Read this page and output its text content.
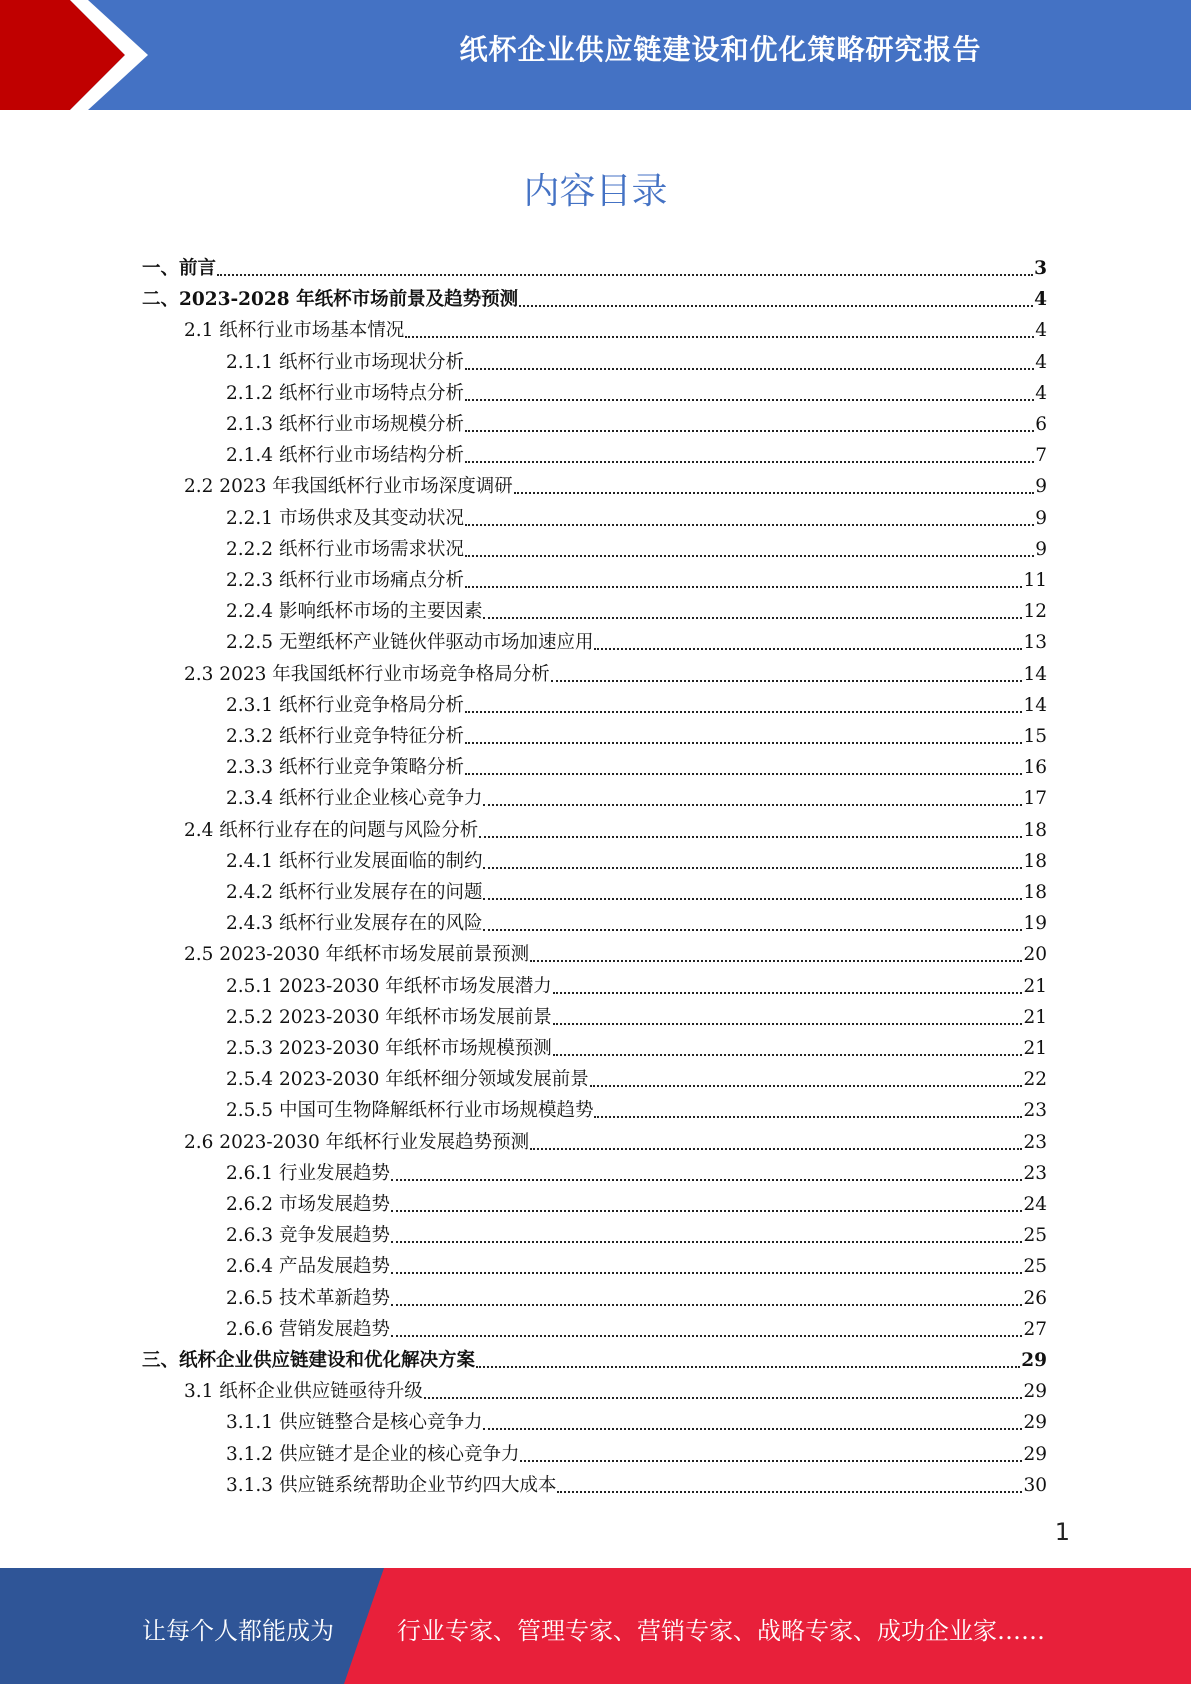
纸杯企业供应链建设和优化策略研究报告
内容目录
一、前言	3
二、2023-2028 年纸杯市场前景及趋势预测	4
2.1 纸杯行业市场基本情况	4
2.1.1 纸杯行业市场现状分析	4
2.1.2 纸杯行业市场特点分析	4
2.1.3 纸杯行业市场规模分析	6
2.1.4 纸杯行业市场结构分析	7
2.2 2023 年我国纸杯行业市场深度调研	9
2.2.1 市场供求及其变动状况	9
2.2.2 纸杯行业市场需求状况	9
2.2.3 纸杯行业市场痛点分析	11
2.2.4 影响纸杯市场的主要因素	12
2.2.5 无塑纸杯产业链伙伴驱动市场加速应用	13
2.3 2023 年我国纸杯行业市场竞争格局分析	14
2.3.1 纸杯行业竞争格局分析	14
2.3.2 纸杯行业竞争特征分析	15
2.3.3 纸杯行业竞争策略分析	16
2.3.4 纸杯行业企业核心竞争力	17
2.4 纸杯行业存在的问题与风险分析	18
2.4.1 纸杯行业发展面临的制约	18
2.4.2 纸杯行业发展存在的问题	18
2.4.3 纸杯行业发展存在的风险	19
2.5 2023-2030 年纸杯市场发展前景预测	20
2.5.1 2023-2030 年纸杯市场发展潜力	21
2.5.2 2023-2030 年纸杯市场发展前景	21
2.5.3 2023-2030 年纸杯市场规模预测	21
2.5.4 2023-2030 年纸杯细分领域发展前景	22
2.5.5 中国可生物降解纸杯行业市场规模趋势	23
2.6 2023-2030 年纸杯行业发展趋势预测	23
2.6.1 行业发展趋势	23
2.6.2 市场发展趋势	24
2.6.3 竞争发展趋势	25
2.6.4 产品发展趋势	25
2.6.5 技术革新趋势	26
2.6.6 营销发展趋势	27
三、纸杯企业供应链建设和优化解决方案	29
3.1 纸杯企业供应链亟待升级	29
3.1.1 供应链整合是核心竞争力	29
3.1.2 供应链才是企业的核心竞争力	29
3.1.3 供应链系统帮助企业节约四大成本	30
1
让每个人都能成为	行业专家、管理专家、营销专家、战略专家、成功企业家……
